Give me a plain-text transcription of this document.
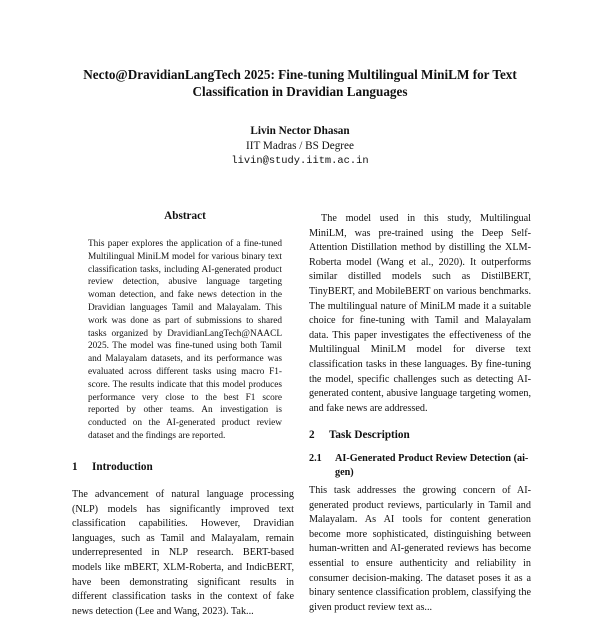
Necto@DravidianLangTech 2025: Fine-tuning Multilingual MiniLM for Text Classification in Dravidian Languages
Livin Nector Dhasan
IIT Madras / BS Degree
livin@study.iitm.ac.in
Abstract
This paper explores the application of a fine-tuned Multilingual MiniLM model for various binary text classification tasks, including AI-generated product review detection, abusive language targeting woman detection, and fake news detection in the Dravidian languages Tamil and Malayalam. This work was done as part of submissions to shared tasks organized by DravidianLangTech@NAACL 2025. The model was fine-tuned using both Tamil and Malayalam datasets, and its performance was evaluated across different tasks using macro F1-score. The results indicate that this model produces performance very close to the best F1 score reported by other teams. An investigation is conducted on the AI-generated product review dataset and the findings are reported.
1 Introduction
The advancement of natural language processing (NLP) models has significantly improved text classification capabilities. However, Dravidian languages, such as Tamil and Malayalam, remain underrepresented in NLP research. BERT-based models like mBERT, XLM-Roberta, and IndicBERT, have been demonstrating significant results in different classification tasks in the context of fake news detection (Lee and Wang, 2023). Tak...
The model used in this study, Multilingual MiniLM, was pre-trained using the Deep Self-Attention Distillation method by distilling the XLM-Roberta model (Wang et al., 2020). It outperforms similar distilled models such as DistilBERT, TinyBERT, and MobileBERT on various benchmarks. The multilingual nature of MiniLM made it a suitable choice for fine-tuning with Tamil and Malayalam data. This paper investigates the effectiveness of the Multilingual MiniLM model for diverse text classification tasks in these languages. By fine-tuning the model, specific challenges such as detecting AI-generated content, abusive language targeting women, and fake news are addressed.
2 Task Description
2.1	AI-Generated Product Review Detection (ai-gen)
This task addresses the growing concern of AI-generated product reviews, particularly in Tamil and Malayalam. As AI tools for content generation become more sophisticated, distinguishing between human-written and AI-generated reviews has become essential to ensure authenticity and reliability in consumer decision-making. The dataset poses it as a binary sentence classification problem, classifying the given product review text as...
